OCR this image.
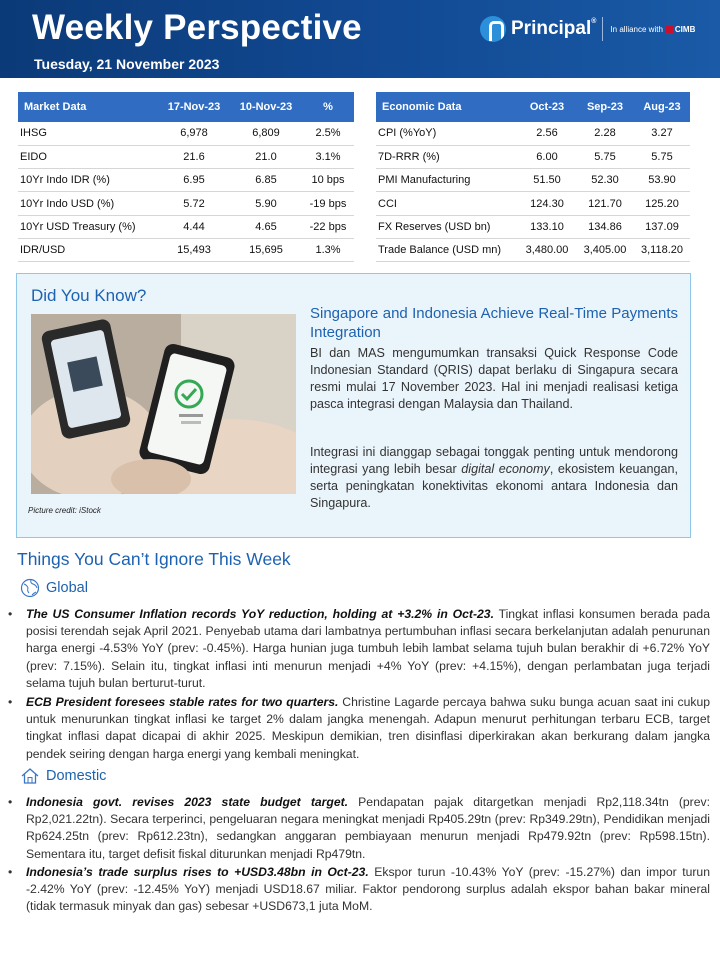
Weekly Perspective
Tuesday, 21 November 2023
Principal®
In alliance with CIMB
Market Data	17-Nov-23	10-Nov-23	%
IHSG	6,978	6,809	2.5%
EIDO	21.6	21.0	3.1%
10Yr Indo IDR (%)	6.95	6.85	10 bps
10Yr Indo USD (%)	5.72	5.90	-19 bps
10Yr USD Treasury (%)	4.44	4.65	-22 bps
IDR/USD	15,493	15,695	1.3%
Economic Data	Oct-23	Sep-23	Aug-23
CPI (%YoY)	2.56	2.28	3.27
7D-RRR (%)	6.00	5.75	5.75
PMI Manufacturing	51.50	52.30	53.90
CCI	124.30	121.70	125.20
FX Reserves (USD bn)	133.10	134.86	137.09
Trade Balance (USD mn)	3,480.00	3,405.00	3,118.20
Did You Know?
Picture credit: iStock
Singapore and Indonesia Achieve Real-Time Payments Integration
BI dan MAS mengumumkan transaksi Quick Response Code Indonesian Standard (QRIS) dapat berlaku di Singapura secara resmi mulai 17 November 2023. Hal ini menjadi realisasi ketiga pasca integrasi dengan Malaysia dan Thailand.
Integrasi ini dianggap sebagai tonggak penting untuk mendorong integrasi yang lebih besar digital economy, ekosistem keuangan, serta peningkatan konektivitas ekonomi antara Indonesia dan Singapura.
Things You Can’t Ignore This Week
Global
• The US Consumer Inflation records YoY reduction, holding at +3.2% in Oct-23. Tingkat inflasi konsumen berada pada posisi terendah sejak April 2021. Penyebab utama dari lambatnya pertumbuhan inflasi secara berkelanjutan adalah penurunan harga energi -4.53% YoY (prev: -0.45%). Harga hunian juga tumbuh lebih lambat selama tujuh bulan berakhir di +6.72% YoY (prev: 7.15%). Selain itu, tingkat inflasi inti menurun menjadi +4% YoY (prev: +4.15%), dengan perlambatan juga terjadi selama tujuh bulan berturut-turut.
• ECB President foresees stable rates for two quarters. Christine Lagarde percaya bahwa suku bunga acuan saat ini cukup untuk menurunkan tingkat inflasi ke target 2% dalam jangka menengah. Adapun menurut perhitungan terbaru ECB, target tingkat inflasi dapat dicapai di akhir 2025. Meskipun demikian, tren disinflasi diperkirakan akan berkurang dalam jangka pendek seiring dengan harga energi yang kembali meningkat.
Domestic
• Indonesia govt. revises 2023 state budget target. Pendapatan pajak ditargetkan menjadi Rp2,118.34tn (prev: Rp2,021.22tn). Secara terperinci, pengeluaran negara meningkat menjadi Rp405.29tn (prev: Rp349.29tn), Pendidikan menjadi Rp624.25tn (prev: Rp612.23tn), sedangkan anggaran pembiayaan menurun menjadi Rp479.92tn (prev: Rp598.15tn). Sementara itu, target defisit fiskal diturunkan menjadi Rp479tn.
• Indonesia’s trade surplus rises to +USD3.48bn in Oct-23. Ekspor turun -10.43% YoY (prev: -15.27%) dan impor turun -2.42% YoY (prev: -12.45% YoY) menjadi USD18.67 miliar. Faktor pendorong surplus adalah ekspor bahan bakar mineral (tidak termasuk minyak dan gas) sebesar +USD673,1 juta MoM.
